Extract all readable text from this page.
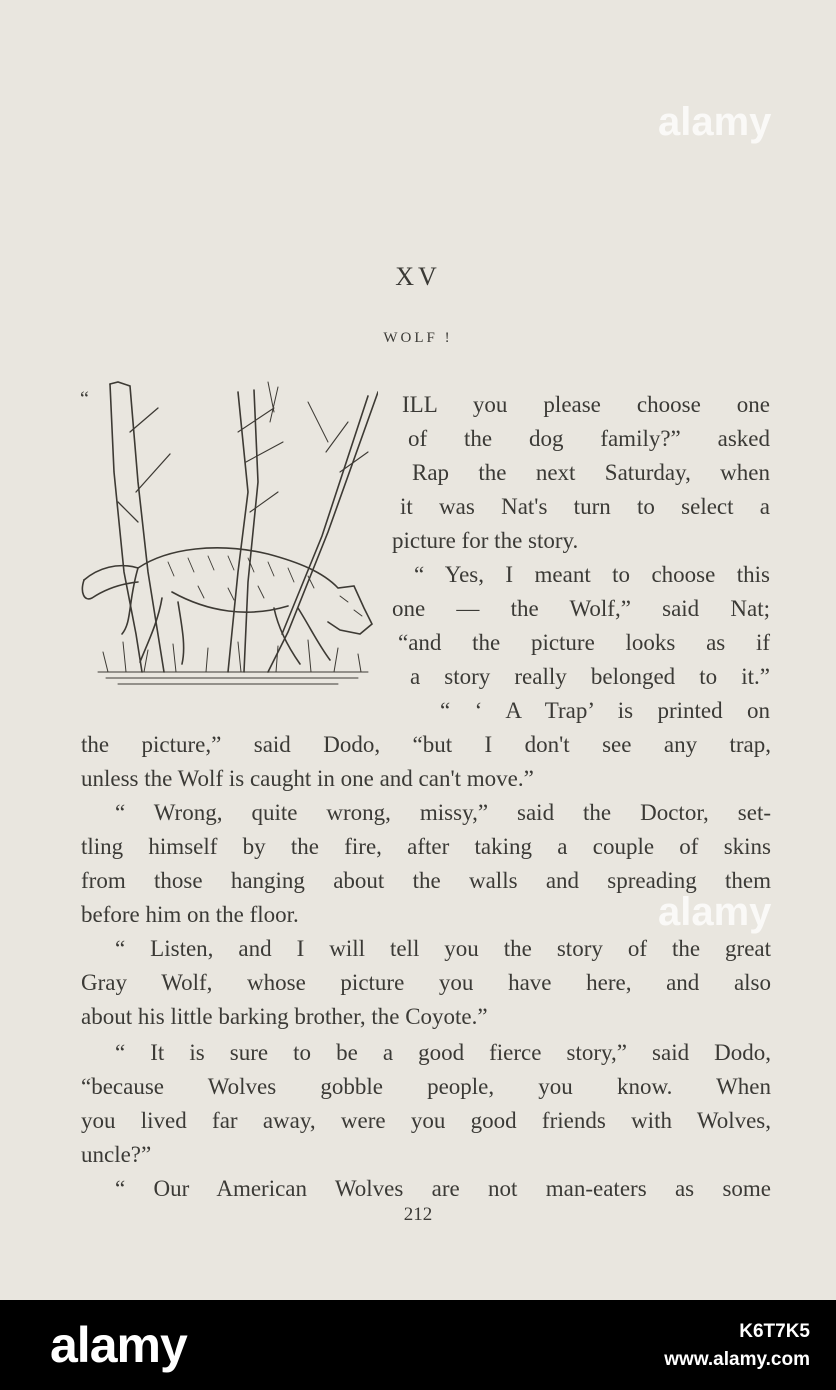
XV
WOLF !
“	ILL you please choose one
of the dog family?” asked
Rap the next Saturday, when
it was Nat's turn to select a
picture for the story.
“ Yes, I meant to choose this
one — the Wolf,” said Nat;
“and the picture looks as if
a story really belonged to it.”
“ ‘ A Trap’ is printed on
the picture,” said Dodo, “but I don't see any trap,
unless the Wolf is caught in one and can't move.”
“ Wrong, quite wrong, missy,” said the Doctor, set-
tling himself by the fire, after taking a couple of skins
from those hanging about the walls and spreading them
before him on the floor.
“ Listen, and I will tell you the story of the great
Gray Wolf, whose picture you have here, and also
about his little barking brother, the Coyote.”
“ It is sure to be a good fierce story,” said Dodo,
“because Wolves gobble people, you know. When
you lived far away, were you good friends with Wolves,
uncle?”
“ Our American Wolves are not man-eaters as some
212
alamy
alamy
alamy	K6T7K5
www.alamy.com
